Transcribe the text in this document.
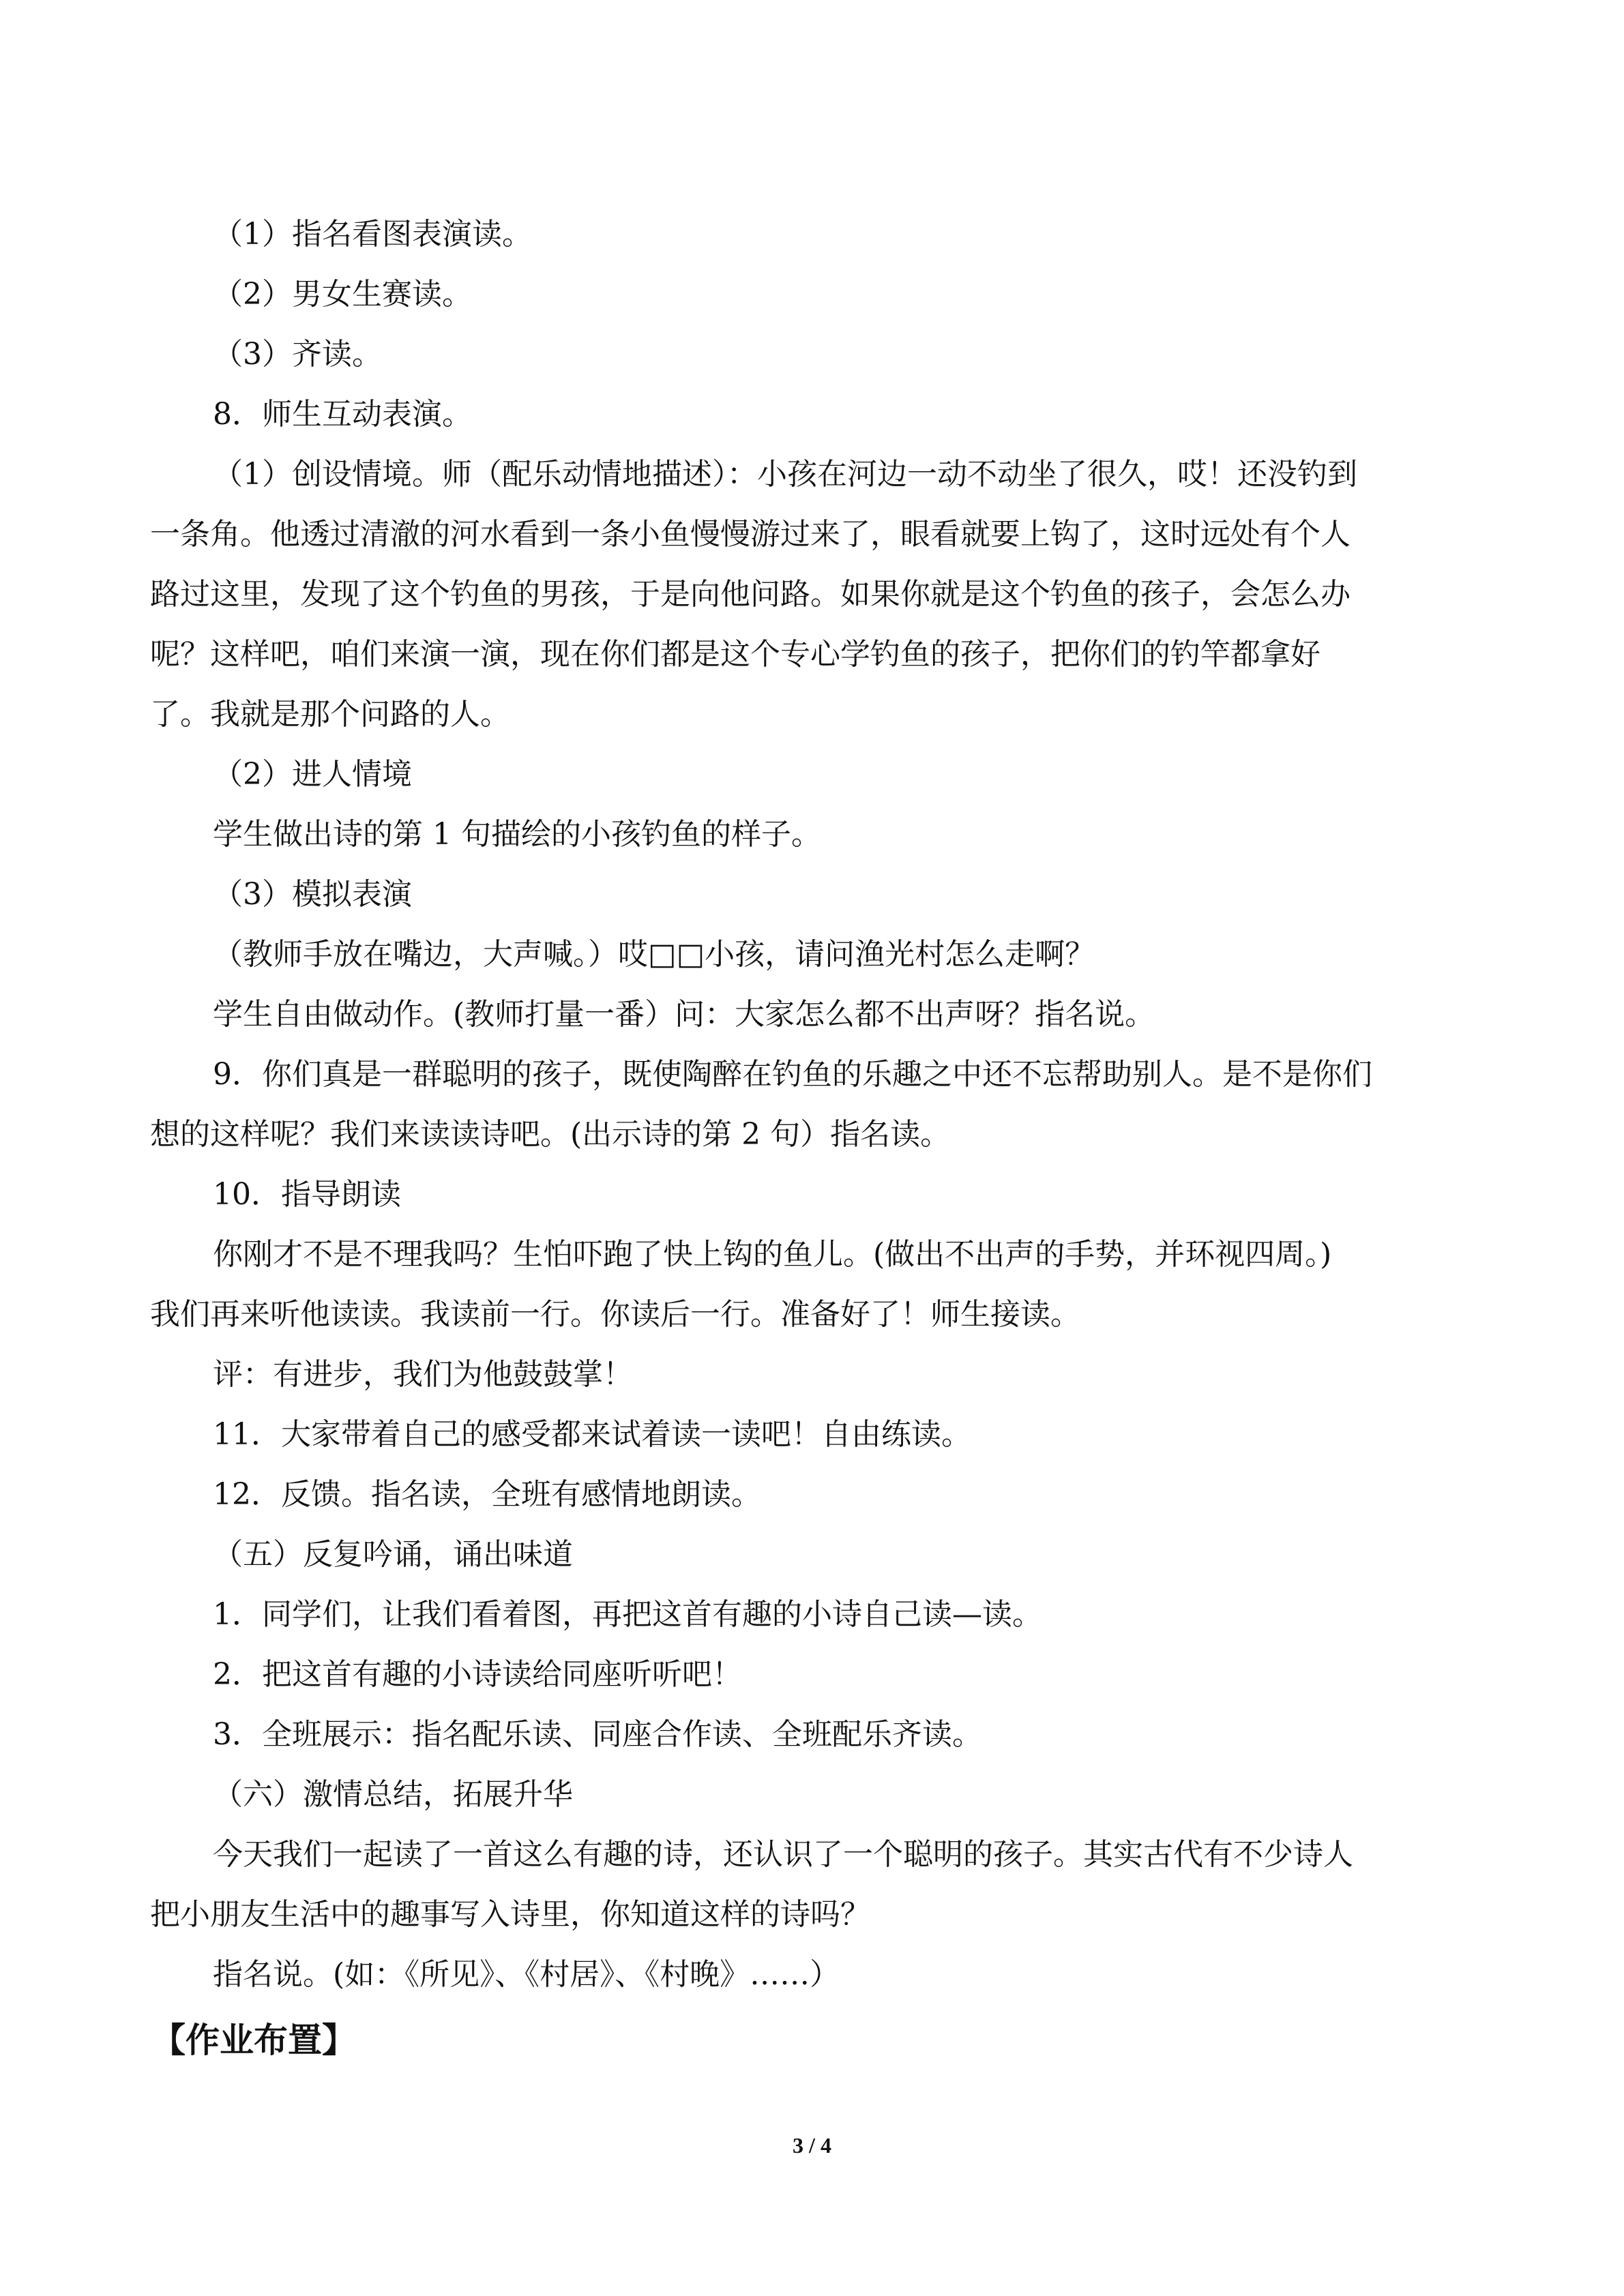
（1）指名看图表演读。

（2）男女生赛读。

（3）齐读。

8．师生互动表演。

（1）创设情境。师（配乐动情地描述）：小孩在河边一动不动坐了很久，哎！还没钓到

一条角。他透过清澈的河水看到一条小鱼慢慢游过来了，眼看就要上钩了，这时远处有个人

路过这里，发现了这个钓鱼的男孩，于是向他问路。如果你就是这个钓鱼的孩子，会怎么办

呢？这样吧，咱们来演一演，现在你们都是这个专心学钓鱼的孩子，把你们的钓竿都拿好

了。我就是那个问路的人。

（2）进人情境

学生做出诗的第 1 句描绘的小孩钓鱼的样子。

（3）模拟表演

（教师手放在嘴边，大声喊。）哎□□小孩，请问渔光村怎么走啊？

学生自由做动作。(教师打量一番）问：大家怎么都不出声呀？指名说。

9．你们真是一群聪明的孩子，既使陶醉在钓鱼的乐趣之中还不忘帮助别人。是不是你们

想的这样呢？我们来读读诗吧。(出示诗的第 2 句）指名读。

10．指导朗读

你刚才不是不理我吗？生怕吓跑了快上钩的鱼儿。(做出不出声的手势，并环视四周。)

我们再来听他读读。我读前一行。你读后一行。准备好了！师生接读。

评：有进步，我们为他鼓鼓掌！

11．大家带着自己的感受都来试着读一读吧！自由练读。

12．反馈。指名读，全班有感情地朗读。

（五）反复吟诵，诵出味道

1．同学们，让我们看着图，再把这首有趣的小诗自己读—读。

2．把这首有趣的小诗读给同座听听吧！

3．全班展示：指名配乐读、同座合作读、全班配乐齐读。

（六）激情总结，拓展升华

今天我们一起读了一首这么有趣的诗，还认识了一个聪明的孩子。其实古代有不少诗人

把小朋友生活中的趣事写入诗里，你知道这样的诗吗？

指名说。(如：《所见》、《村居》、《村晚》……）

【作业布置】
3 / 4
